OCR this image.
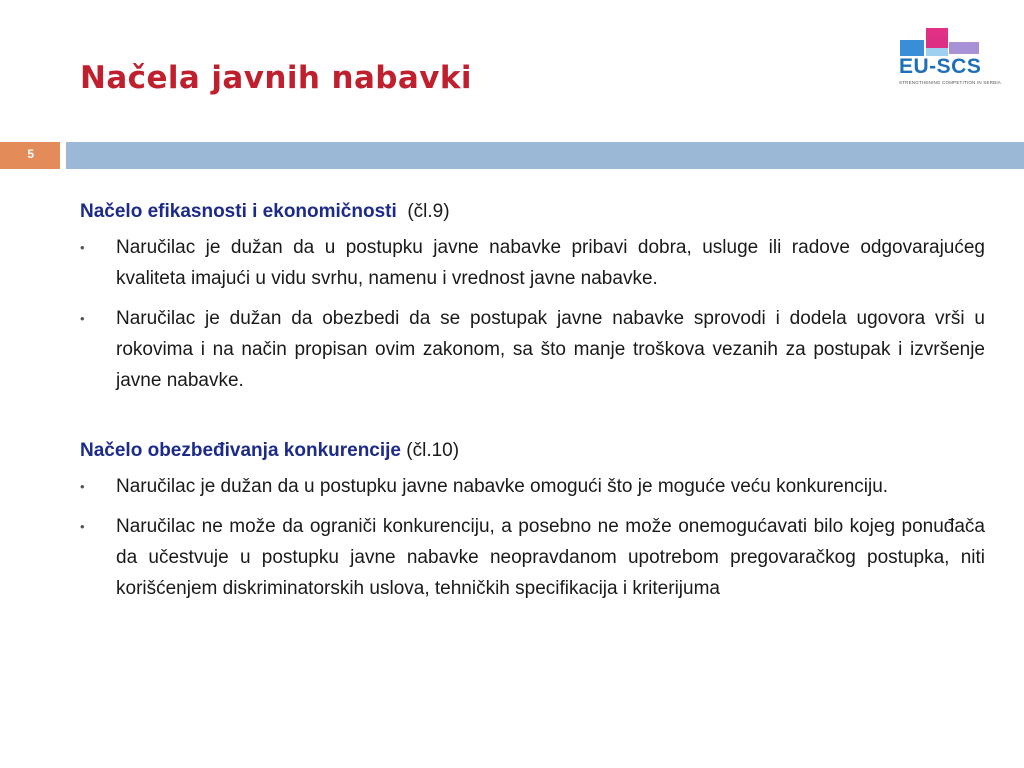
Načela javnih nabavki	EU-SCS
STRENGTHENING COMPETITION IN SERBIA
5

Načelo efikasnosti i ekonomičnosti (čl.9)

• Naručilac je dužan da u postupku javne nabavke pribavi dobra, usluge ili radove odgovarajućeg kvaliteta imajući u vidu svrhu, namenu i vrednost javne nabavke.
• Naručilac je dužan da obezbedi da se postupak javne nabavke sprovodi i dodela ugovora vrši u rokovima i na način propisan ovim zakonom, sa što manje troškova vezanih za postupak i izvršenje javne nabavke.

Načelo obezbeđivanja konkurencije (čl.10)

• Naručilac je dužan da u postupku javne nabavke omogući što je moguće veću konkurenciju.
• Naručilac ne može da ograniči konkurenciju, a posebno ne može onemogućavati bilo kojeg ponuđača da učestvuje u postupku javne nabavke neopravdanom upotrebom pregovaračkog postupka, niti korišćenjem diskriminatorskih uslova, tehničkih specifikacija i kriterijuma
